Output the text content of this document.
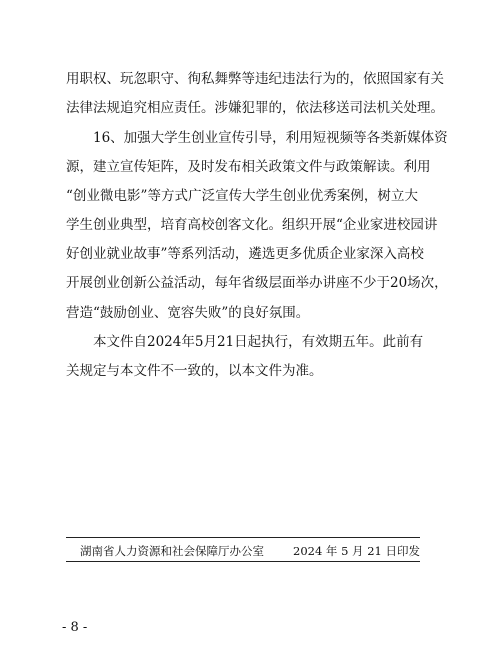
用职权、玩忽职守、徇私舞弊等违纪违法行为的，依照国家有关
法律法规追究相应责任。涉嫌犯罪的，依法移送司法机关处理。
　　16、加强大学生创业宣传引导，利用短视频等各类新媒体资
源，建立宣传矩阵，及时发布相关政策文件与政策解读。利用
“创业微电影”等方式广泛宣传大学生创业优秀案例，树立大
学生创业典型，培育高校创客文化。组织开展“企业家进校园讲
好创业就业故事”等系列活动，遴选更多优质企业家深入高校
开展创业创新公益活动，每年省级层面举办讲座不少于20场次，
营造“鼓励创业、宽容失败”的良好氛围。
　　本文件自2024年5月21日起执行，有效期五年。此前有
关规定与本文件不一致的，以本文件为准。
湖南省人力资源和社会保障厅办公室	2024 年 5 月 21 日印发
- 8 -
